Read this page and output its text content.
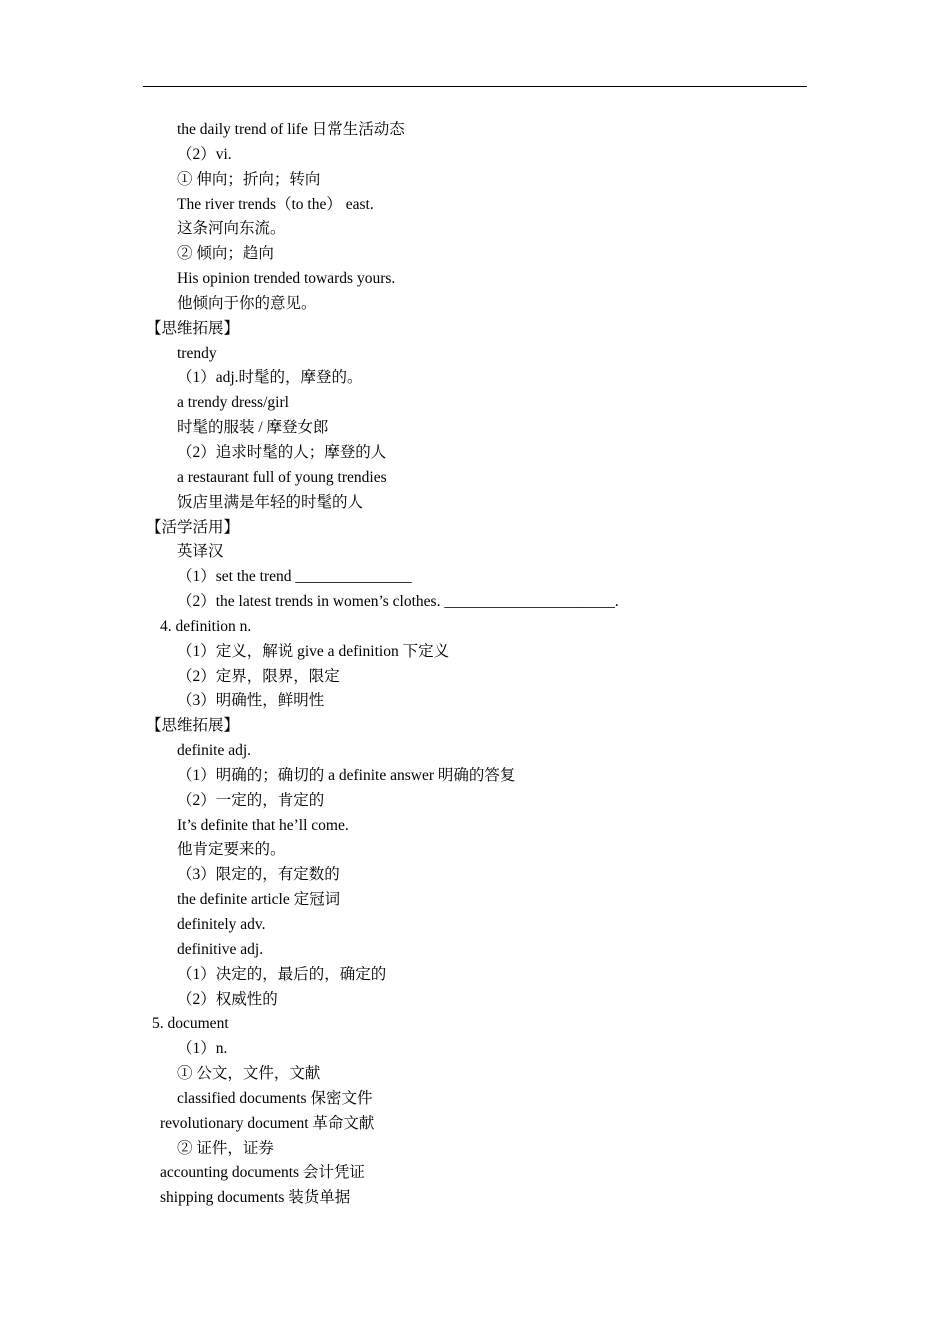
the daily trend of life 日常生活动态
（2）vi.
① 伸向；折向；转向
The river trends（to the） east.
这条河向东流。
② 倾向；趋向
His opinion trended towards yours.
他倾向于你的意见。
【思维拓展】
trendy
（1）adj.时髦的，摩登的。
a trendy dress/girl
时髦的服装 / 摩登女郎
（2）追求时髦的人；摩登的人
a restaurant full of young trendies
饭店里满是年轻的时髦的人
【活学活用】
英译汉
（1）set the trend _______________
（2）the latest trends in women’s clothes. ______________________.
4. definition n.
（1）定义，解说 give a definition 下定义
（2）定界，限界，限定
（3）明确性，鲜明性
【思维拓展】
definite adj.
（1）明确的；确切的 a definite answer 明确的答复
（2）一定的，肯定的
It’s definite that he’ll come.
他肯定要来的。
（3）限定的，有定数的
the definite article 定冠词
definitely adv.
definitive adj.
（1）决定的，最后的，确定的
（2）权威性的
5. document
（1）n.
① 公文，文件，文献
classified documents 保密文件
revolutionary document 革命文献
② 证件，证券
accounting documents 会计凭证
shipping documents 装货单据
